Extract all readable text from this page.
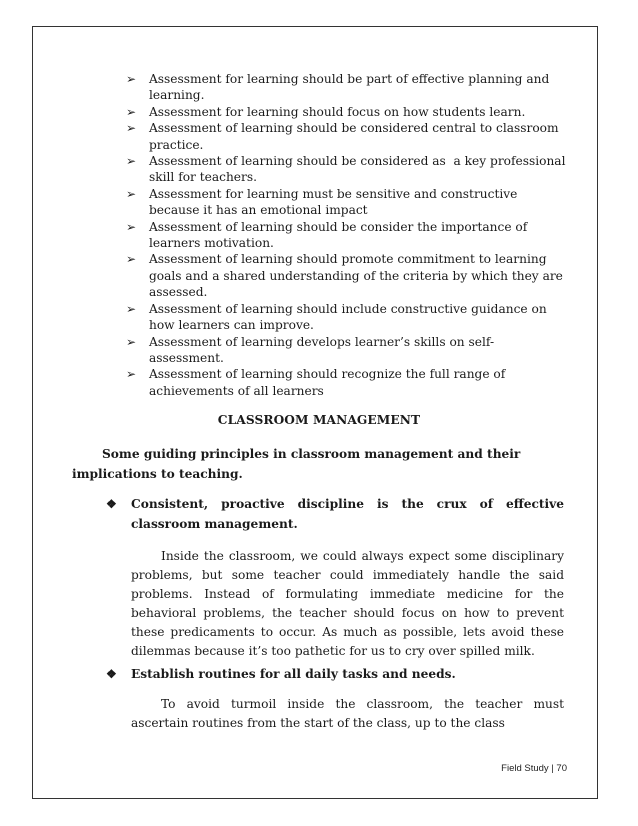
➢	Assessment for learning should be part of effective planning and learning.
➢	Assessment for learning should focus on how students learn.
➢	Assessment of learning should be considered central to classroom practice.
➢	Assessment of learning should be considered as  a key professional skill for teachers.
➢	Assessment for learning must be sensitive and constructive because it has an emotional impact
➢	Assessment of learning should be consider the importance of learners motivation.
➢	Assessment of learning should promote commitment to learning goals and a shared understanding of the criteria by which they are assessed.
➢	Assessment of learning should include constructive guidance on how learners can improve.
➢	Assessment of learning develops learner’s skills on self-assessment.
➢	Assessment of learning should recognize the full range of achievements of all learners
CLASSROOM MANAGEMENT
Some guiding principles in classroom management and their implications to teaching.
❖	Consistent, proactive discipline is the crux of effective classroom management.

Inside the classroom, we could always expect some disciplinary problems, but some teacher could immediately handle the said problems. Instead of formulating immediate medicine for the behavioral problems, the teacher should focus on how to prevent these predicaments to occur. As much as possible, lets avoid these dilemmas because it’s too pathetic for us to cry over spilled milk.

❖	Establish routines for all daily tasks and needs.

To avoid turmoil inside the classroom, the teacher must ascertain routines from the start of the class, up to the class

Field Study | 70
